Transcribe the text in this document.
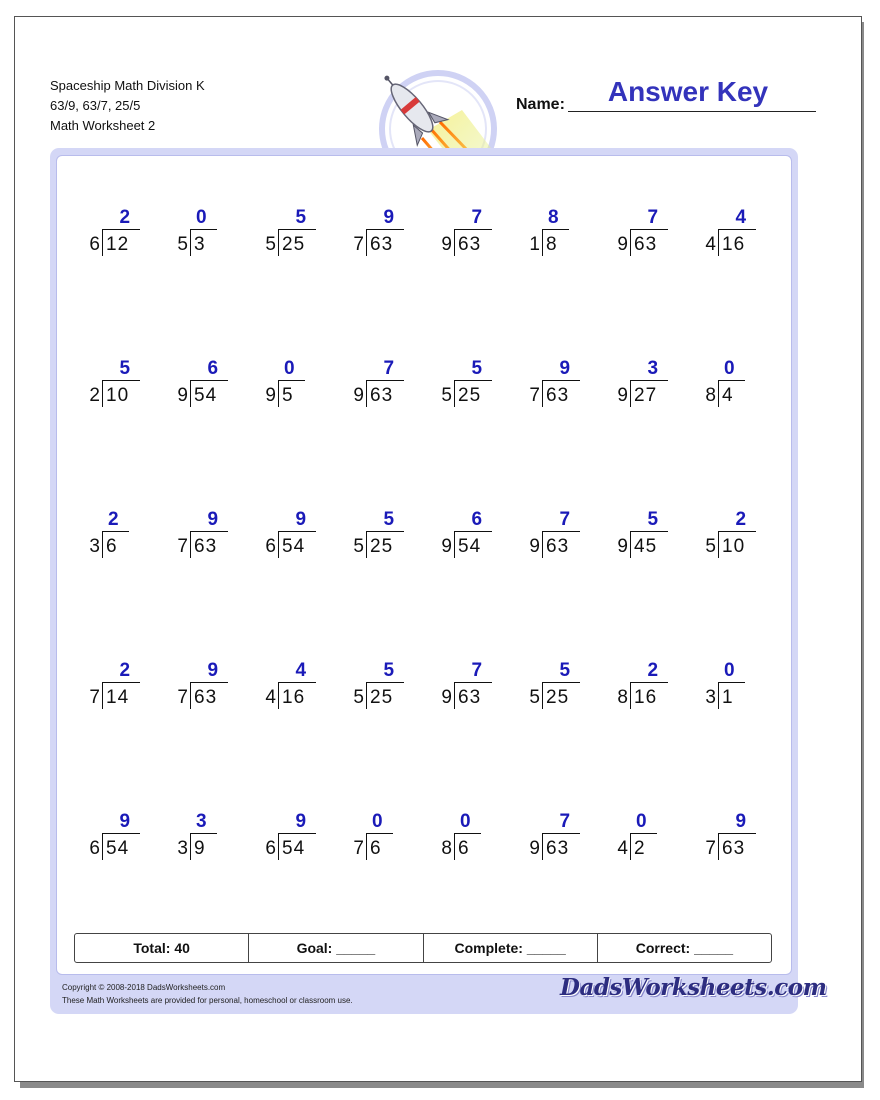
Spaceship Math Division K
63/9, 63/7, 25/5
Math Worksheet 2
Answer Key
Name:
6 12
2
5 3
0
5 25
5
7 63
9
9 63
7
1 8
8
9 63
7
4 16
4
2 10
5
9 54
6
9 5
0
9 63
7
5 25
5
7 63
9
9 27
3
8 4
0
3 6
2
7 63
9
6 54
9
5 25
5
9 54
6
9 63
7
9 45
5
5 10
2
7 14
2
7 63
9
4 16
4
5 25
5
9 63
7
5 25
5
8 16
2
3 1
0
6 54
9
3 9
3
6 54
9
7 6
0
8 6
0
9 63
7
4 2
0
7 63
9
Total: 40	Goal: _____	Complete: _____	Correct: _____
Copyright © 2008-2018 DadsWorksheets.com
These Math Worksheets are provided for personal, homeschool or classroom use.	DadsWorksheets.com
